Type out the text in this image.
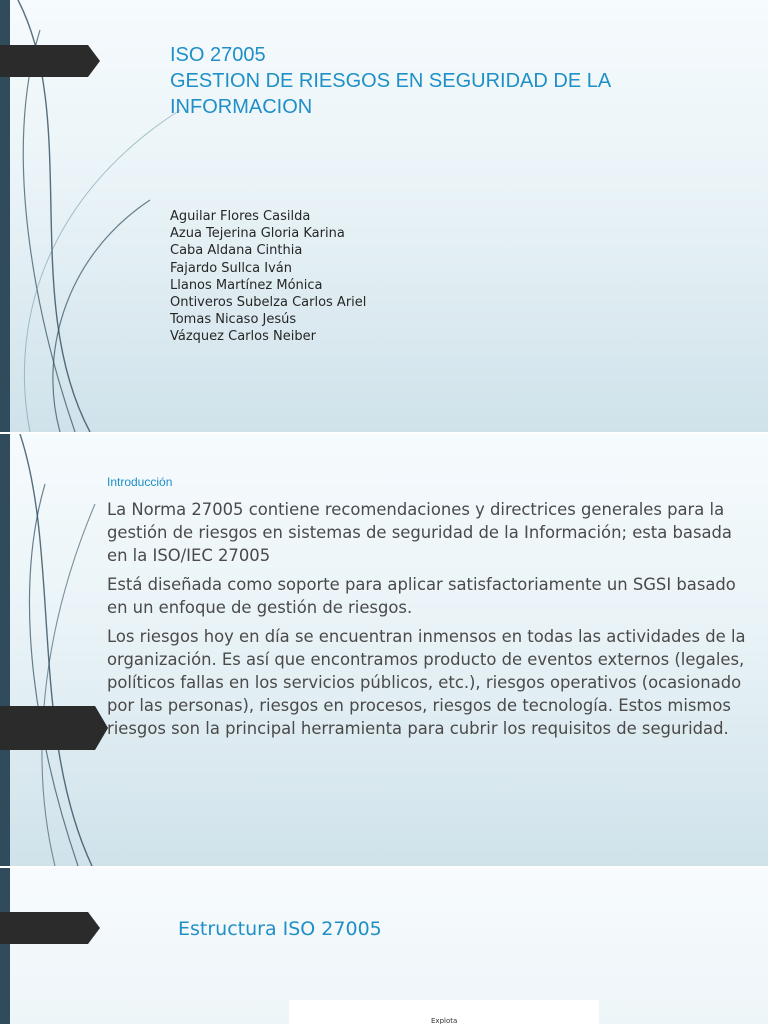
ISO 27005
GESTION DE RIESGOS EN SEGURIDAD DE LA
INFORMACION
Aguilar Flores Casilda
Azua Tejerina Gloria Karina
Caba Aldana Cinthia
Fajardo Sullca Iván
Llanos Martínez Mónica
Ontiveros Subelza Carlos Ariel
Tomas Nicaso Jesús
Vázquez Carlos Neiber
Introducción

La Norma 27005 contiene recomendaciones y directrices generales para la gestión de riesgos en sistemas de seguridad de la Información; esta basada en la ISO/IEC 27005

Está diseñada como soporte para aplicar satisfactoriamente un SGSI basado en un enfoque de gestión de riesgos.

Los riesgos hoy en día se encuentran inmensos en todas las actividades de la organización. Es así que encontramos producto de eventos externos (legales, políticos fallas en los servicios públicos, etc.), riesgos operativos (ocasionado por las personas), riesgos en procesos, riesgos de tecnología. Estos mismos riesgos son la principal herramienta para cubrir los requisitos de seguridad.

Estructura ISO 27005
Explota
